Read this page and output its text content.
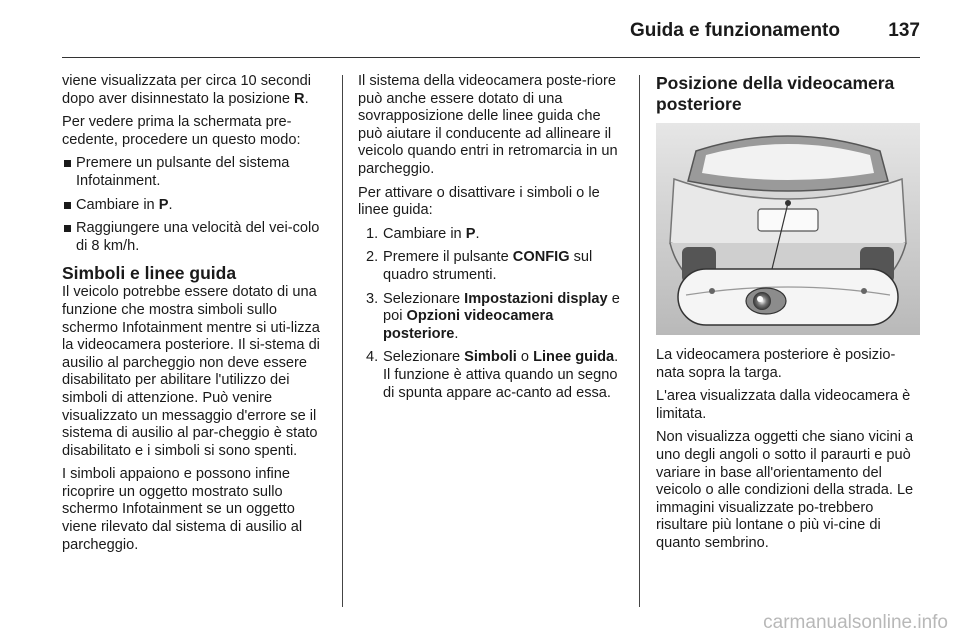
Guida e funzionamento	137

viene visualizzata per circa 10 secondi dopo aver disinnestato la posizione R.

Per vedere prima la schermata pre-cedente, procedere un questo modo:

Premere un pulsante del sistema Infotainment.
Cambiare in P.
Raggiungere una velocità del vei-colo di 8 km/h.
Simboli e linee guida

Il veicolo potrebbe essere dotato di una funzione che mostra simboli sullo schermo Infotainment mentre si uti-lizza la videocamera posteriore. Il si-stema di ausilio al parcheggio non deve essere disabilitato per abilitare l'utilizzo dei simboli di attenzione. Può venire visualizzato un messaggio d'errore se il sistema di ausilio al par-cheggio è stato disabilitato e i simboli si sono spenti.

I simboli appaiono e possono infine ricoprire un oggetto mostrato sullo schermo Infotainment se un oggetto viene rilevato dal sistema di ausilio al parcheggio.

Il sistema della videocamera poste-riore può anche essere dotato di una sovrapposizione delle linee guida che può aiutare il conducente ad allineare il veicolo quando entri in retromarcia in un parcheggio.

Per attivare o disattivare i simboli o le linee guida:

1. Cambiare in P.
2. Premere il pulsante CONFIG sul quadro strumenti.
3. Selezionare Impostazioni display e poi Opzioni videocamera posteriore.
4. Selezionare Simboli o Linee guida. Il funzione è attiva quando un segno di spunta appare ac-canto ad essa.
Posizione della videocamera posteriore

La videocamera posteriore è posizio-nata sopra la targa.

L'area visualizzata dalla videocamera è limitata.

Non visualizza oggetti che siano vicini a uno degli angoli o sotto il paraurti e può variare in base all'orientamento del veicolo o alle condizioni della strada. Le immagini visualizzate po-trebbero risultare più lontane o più vi-cine di quanto sembrino.

carmanualsonline.info
